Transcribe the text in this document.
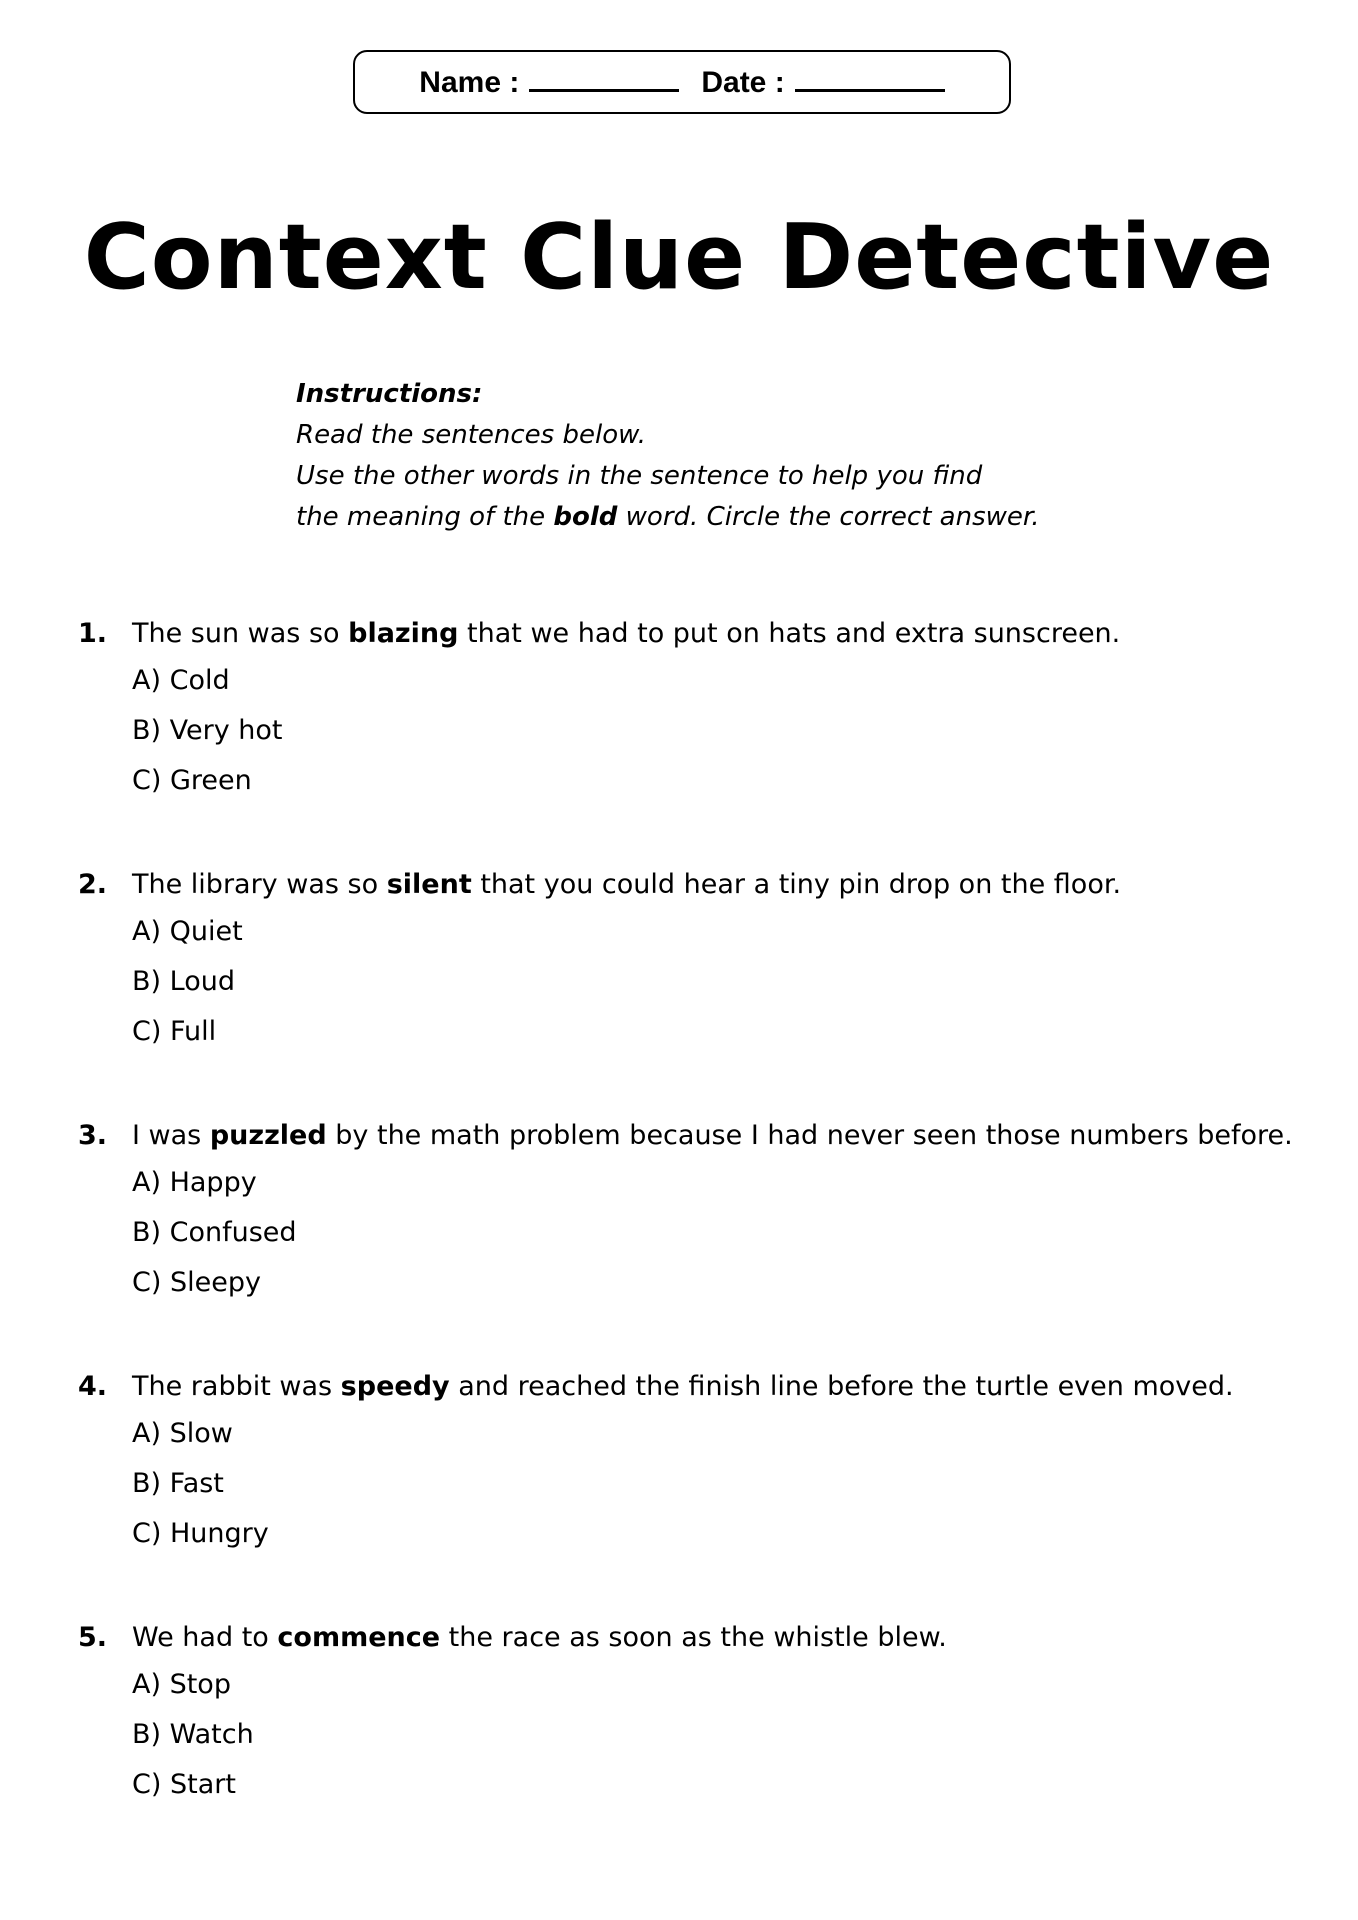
Name :	Date :
Context Clue Detective
Instructions:
Read the sentences below.
Use the other words in the sentence to help you find
the meaning of the bold word. Circle the correct answer.
1. The sun was so blazing that we had to put on hats and extra sunscreen.
A) Cold
B) Very hot
C) Green
2. The library was so silent that you could hear a tiny pin drop on the floor.
A) Quiet
B) Loud
C) Full
3. I was puzzled by the math problem because I had never seen those numbers before.
A) Happy
B) Confused
C) Sleepy
4. The rabbit was speedy and reached the finish line before the turtle even moved.
A) Slow
B) Fast
C) Hungry
5. We had to commence the race as soon as the whistle blew.
A) Stop
B) Watch
C) Start
